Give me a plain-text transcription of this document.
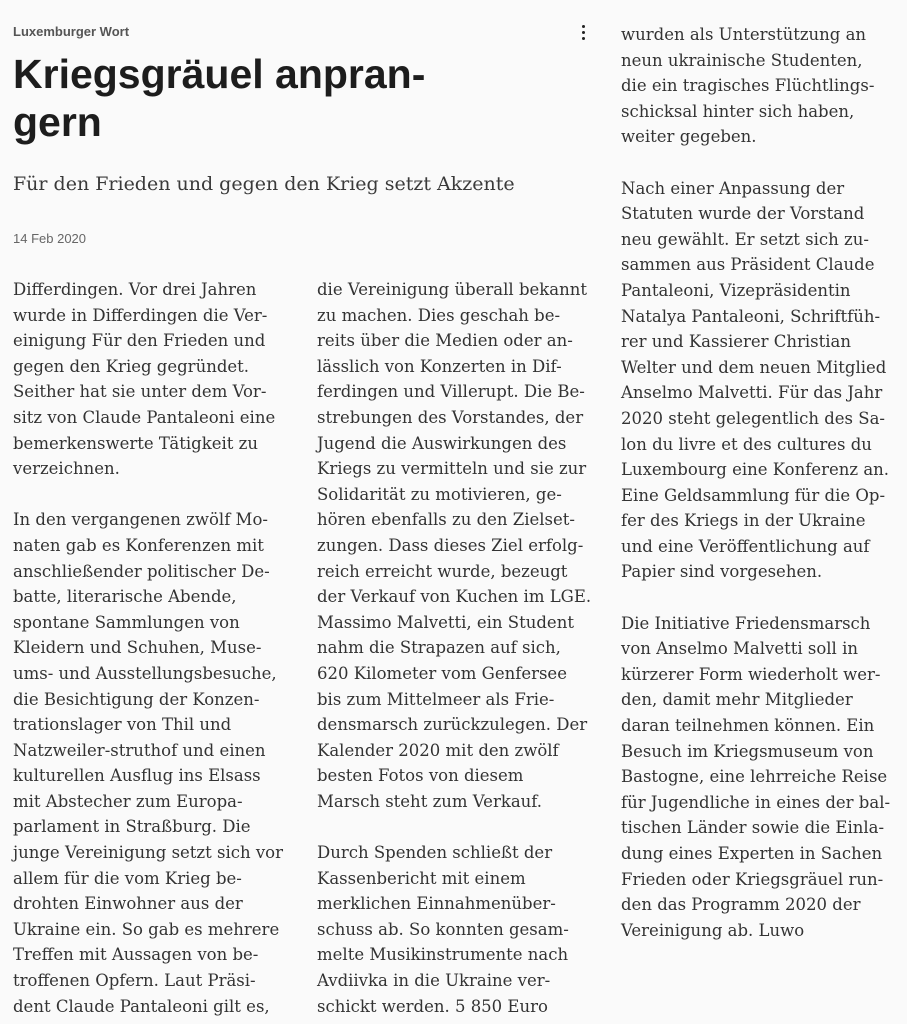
Luxemburger Wort
Kriegsgräuel anpran-
gern
Für den Frieden und gegen den Krieg setzt Akzente
14 Feb 2020
Differdingen. Vor drei Jahren
wurde in Differdingen die Ver-
einigung Für den Frieden und
gegen den Krieg gegründet.
Seither hat sie unter dem Vor-
sitz von Claude Pantaleoni eine
bemerkenswerte Tätigkeit zu
verzeichnen.
In den vergangenen zwölf Mo-
naten gab es Konferenzen mit
anschließender politischer De-
batte, literarische Abende,
spontane Sammlungen von
Kleidern und Schuhen, Muse-
ums- und Ausstellungsbesuche,
die Besichtigung der Konzen-
trationslager von Thil und
Natzweiler-struthof und einen
kulturellen Ausflug ins Elsass
mit Abstecher zum Europa-
parlament in Straßburg. Die
junge Vereinigung setzt sich vor
allem für die vom Krieg be-
drohten Einwohner aus der
Ukraine ein. So gab es mehrere
Treffen mit Aussagen von be-
troffenen Opfern. Laut Präsi-
dent Claude Pantaleoni gilt es,
die Vereinigung überall bekannt
zu machen. Dies geschah be-
reits über die Medien oder an-
lässlich von Konzerten in Dif-
ferdingen und Villerupt. Die Be-
strebungen des Vorstandes, der
Jugend die Auswirkungen des
Kriegs zu vermitteln und sie zur
Solidarität zu motivieren, ge-
hören ebenfalls zu den Zielset-
zungen. Dass dieses Ziel erfolg-
reich erreicht wurde, bezeugt
der Verkauf von Kuchen im LGE.
Massimo Malvetti, ein Student
nahm die Strapazen auf sich,
620 Kilometer vom Genfersee
bis zum Mittelmeer als Frie-
densmarsch zurückzulegen. Der
Kalender 2020 mit den zwölf
besten Fotos von diesem
Marsch steht zum Verkauf.
Durch Spenden schließt der
Kassenbericht mit einem
merklichen Einnahmenüber-
schuss ab. So konnten gesam-
melte Musikinstrumente nach
Avdiivka in die Ukraine ver-
schickt werden. 5 850 Euro
wurden als Unterstützung an
neun ukrainische Studenten,
die ein tragisches Flüchtlings-
schicksal hinter sich haben,
weiter gegeben.
Nach einer Anpassung der
Statuten wurde der Vorstand
neu gewählt. Er setzt sich zu-
sammen aus Präsident Claude
Pantaleoni, Vizepräsidentin
Natalya Pantaleoni, Schriftfüh-
rer und Kassierer Christian
Welter und dem neuen Mitglied
Anselmo Malvetti. Für das Jahr
2020 steht gelegentlich des Sa-
lon du livre et des cultures du
Luxembourg eine Konferenz an.
Eine Geldsammlung für die Op-
fer des Kriegs in der Ukraine
und eine Veröffentlichung auf
Papier sind vorgesehen.
Die Initiative Friedensmarsch
von Anselmo Malvetti soll in
kürzerer Form wiederholt wer-
den, damit mehr Mitglieder
daran teilnehmen können. Ein
Besuch im Kriegsmuseum von
Bastogne, eine lehrreiche Reise
für Jugendliche in eines der bal-
tischen Länder sowie die Einla-
dung eines Experten in Sachen
Frieden oder Kriegsgräuel run-
den das Programm 2020 der
Vereinigung ab. Luwo
